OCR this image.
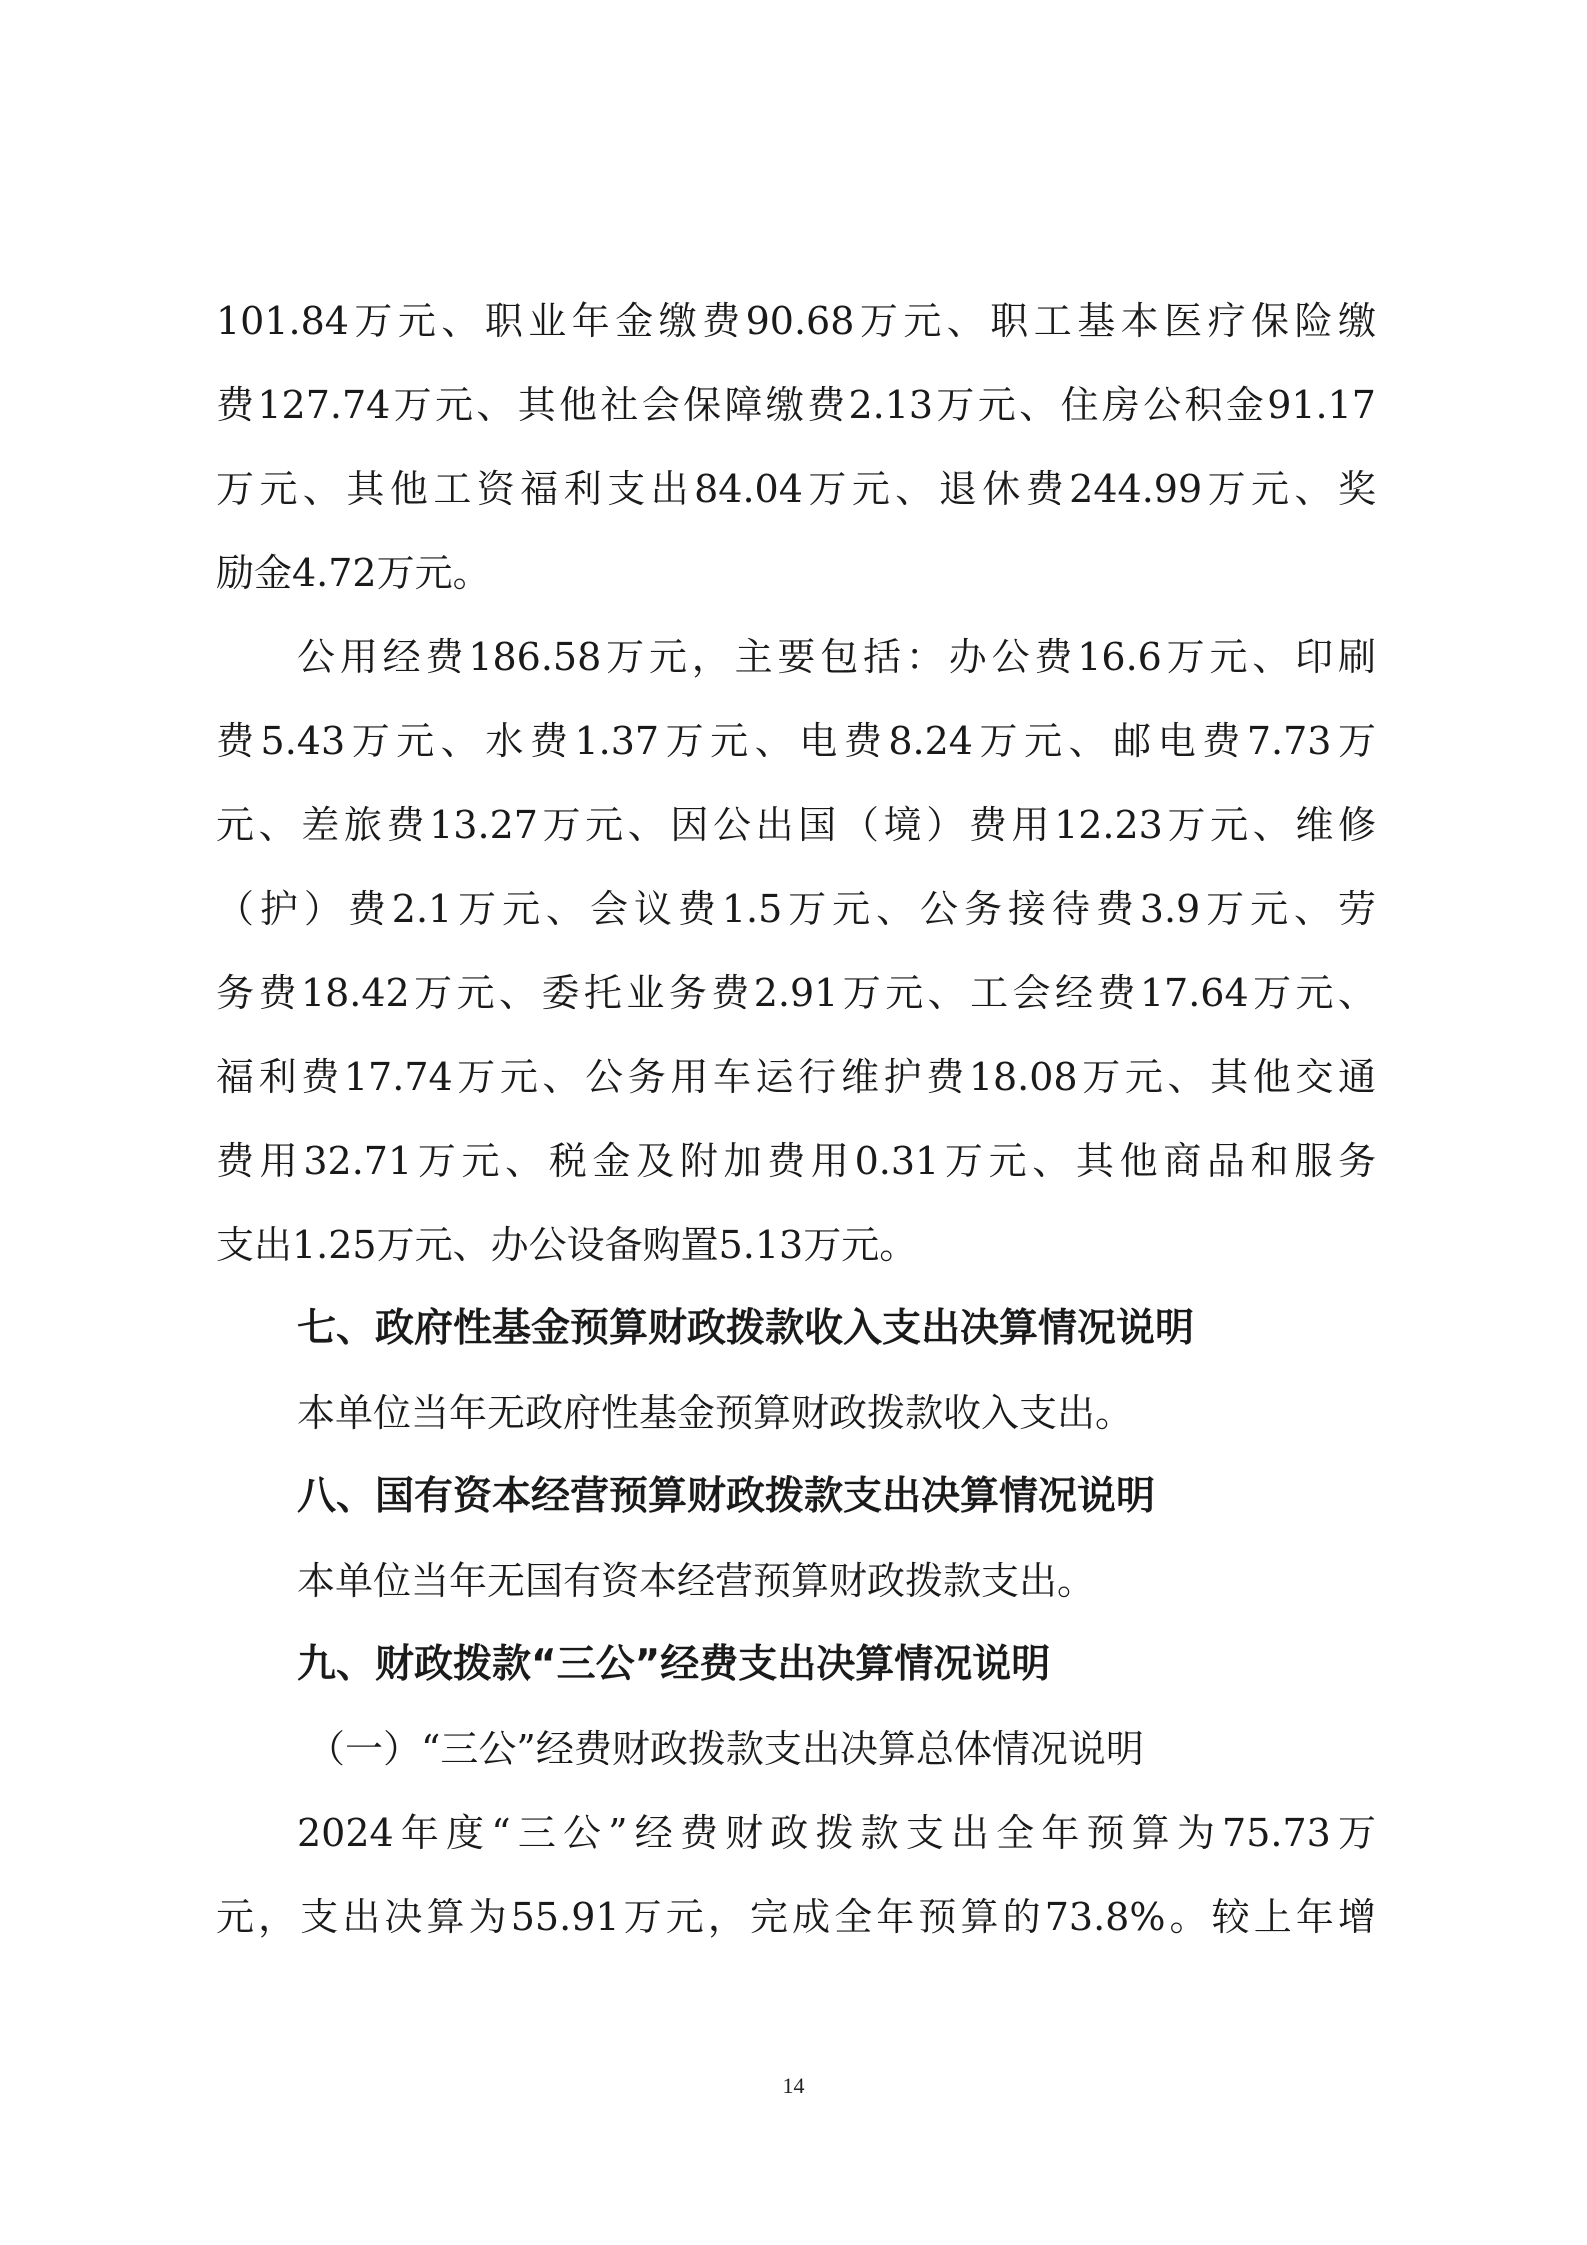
101.84万元、职业年金缴费90.68万元、职工基本医疗保险缴
费127.74万元、其他社会保障缴费2.13万元、住房公积金91.17
万元、其他工资福利支出84.04万元、退休费244.99万元、奖
励金4.72万元。
公用经费186.58万元，主要包括：办公费16.6万元、印刷
费5.43万元、水费1.37万元、电费8.24万元、邮电费7.73万
元、差旅费13.27万元、因公出国（境）费用12.23万元、维修
（护）费2.1万元、会议费1.5万元、公务接待费3.9万元、劳
务费18.42万元、委托业务费2.91万元、工会经费17.64万元、
福利费17.74万元、公务用车运行维护费18.08万元、其他交通
费用32.71万元、税金及附加费用0.31万元、其他商品和服务
支出1.25万元、办公设备购置5.13万元。
七、政府性基金预算财政拨款收入支出决算情况说明
本单位当年无政府性基金预算财政拨款收入支出。
八、国有资本经营预算财政拨款支出决算情况说明
本单位当年无国有资本经营预算财政拨款支出。
九、财政拨款“三公”经费支出决算情况说明
（一）“三公”经费财政拨款支出决算总体情况说明
2024年度“三公”经费财政拨款支出全年预算为75.73万
元，支出决算为55.91万元，完成全年预算的73.8%。较上年增
14
